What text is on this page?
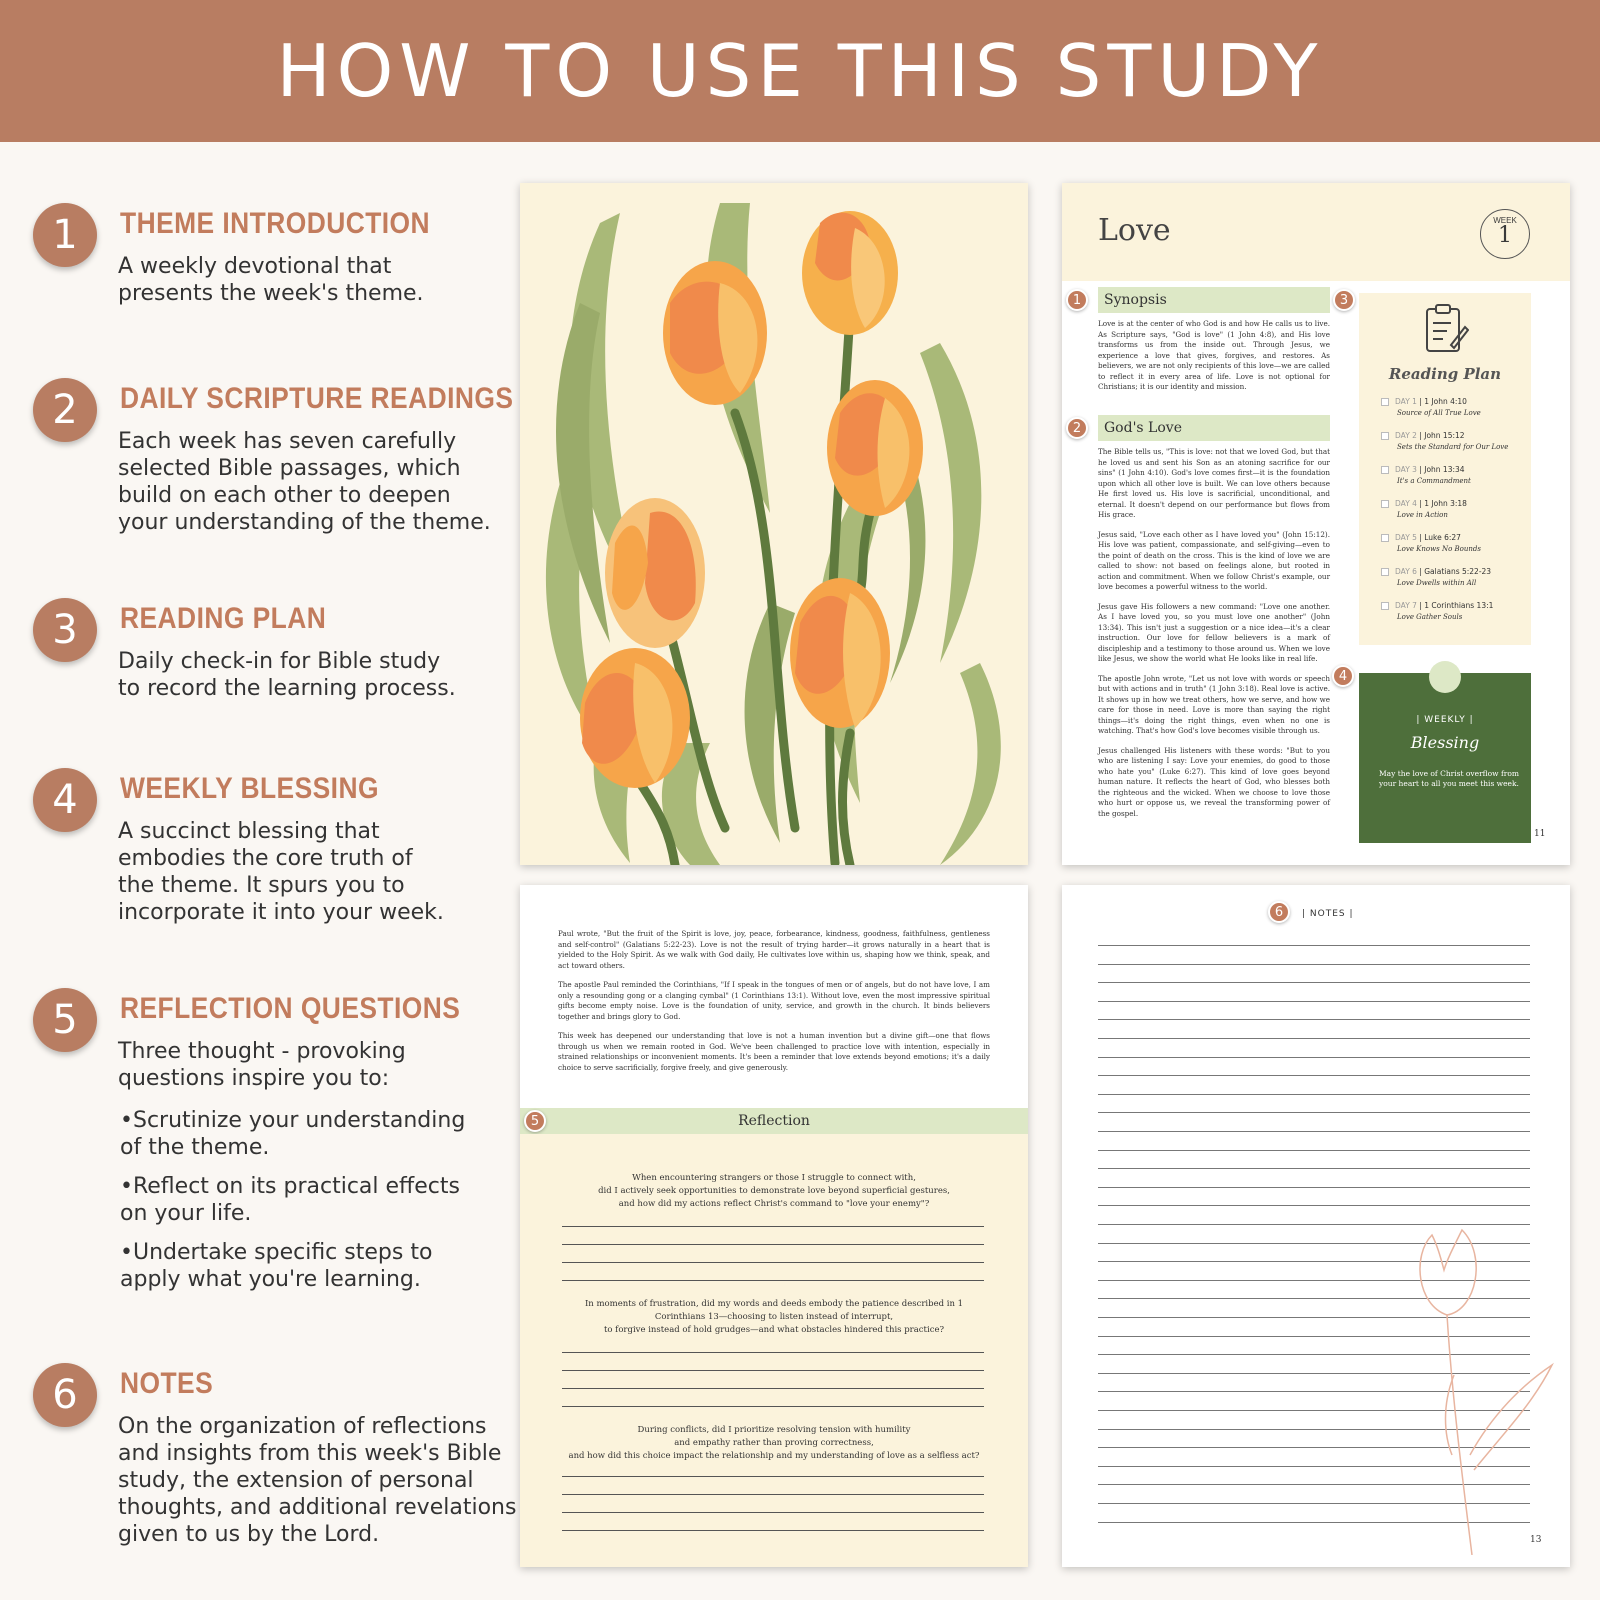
HOW TO USE THIS STUDY
1	THEME INTRODUCTION
A weekly devotional that
presents the week's theme.
2	DAILY SCRIPTURE READINGS
Each week has seven carefully
selected Bible passages, which
build on each other to deepen
your understanding of the theme.
3	READING PLAN
Daily check-in for Bible study
to record the learning process.
4	WEEKLY BLESSING
A succinct blessing that
embodies the core truth of
the theme. It spurs you to
incorporate it into your week.
5	REFLECTION QUESTIONS
Three thought - provoking
questions inspire you to:
•Scrutinize your understanding
of the theme.
•Reflect on its practical effects
on your life.
•Undertake specific steps to
apply what you're learning.
6	NOTES
On the organization of reflections
and insights from this week's Bible
study, the extension of personal
thoughts, and additional revelations
given to us by the Lord.
Love	WEEK
1
1	Synopsis
Love is at the center of who God is and how He calls us to live. As Scripture says, "God is love" (1 John 4:8), and His love transforms us from the inside out. Through Jesus, we experience a love that gives, forgives, and restores. As believers, we are not only recipients of this love—we are called to reflect it in every area of life. Love is not optional for Christians; it is our identity and mission.
2	God's Love

The Bible tells us, "This is love: not that we loved God, but that he loved us and sent his Son as an atoning sacrifice for our sins" (1 John 4:10). God's love comes first—it is the foundation upon which all other love is built. We can love others because He first loved us. His love is sacrificial, unconditional, and eternal. It doesn't depend on our performance but flows from His grace.

Jesus said, "Love each other as I have loved you" (John 15:12). His love was patient, compassionate, and self-giving—even to the point of death on the cross. This is the kind of love we are called to show: not based on feelings alone, but rooted in action and commitment. When we follow Christ's example, our love becomes a powerful witness to the world.

Jesus gave His followers a new command: "Love one another. As I have loved you, so you must love one another" (John 13:34). This isn't just a suggestion or a nice idea—it's a clear instruction. Our love for fellow believers is a mark of discipleship and a testimony to those around us. When we love like Jesus, we show the world what He looks like in real life.

The apostle John wrote, "Let us not love with words or speech but with actions and in truth" (1 John 3:18). Real love is active. It shows up in how we treat others, how we serve, and how we care for those in need. Love is more than saying the right things—it's doing the right things, even when no one is watching. That's how God's love becomes visible through us.

Jesus challenged His listeners with these words: "But to you who are listening I say: Love your enemies, do good to those who hate you" (Luke 6:27). This kind of love goes beyond human nature. It reflects the heart of God, who blesses both the righteous and the wicked. When we choose to love those who hurt or oppose us, we reveal the transforming power of the gospel.

3
Reading Plan
DAY 1 | 1 John 4:10
Source of All True Love
DAY 2 | John 15:12
Sets the Standard for Our Love
DAY 3 | John 13:34
It's a Commandment
DAY 4 | 1 John 3:18
Love in Action
DAY 5 | Luke 6:27
Love Knows No Bounds
DAY 6 | Galatians 5:22-23
Love Dwells within All
DAY 7 | 1 Corinthians 13:1
Love Gather Souls
4
| WEEKLY |
Blessing
May the love of Christ overflow from your heart to all you meet this week.
11

Paul wrote, "But the fruit of the Spirit is love, joy, peace, forbearance, kindness, goodness, faithfulness, gentleness and self-control" (Galatians 5:22-23). Love is not the result of trying harder—it grows naturally in a heart that is yielded to the Holy Spirit. As we walk with God daily, He cultivates love within us, shaping how we think, speak, and act toward others.

The apostle Paul reminded the Corinthians, "If I speak in the tongues of men or of angels, but do not have love, I am only a resounding gong or a clanging cymbal" (1 Corinthians 13:1). Without love, even the most impressive spiritual gifts become empty noise. Love is the foundation of unity, service, and growth in the church. It binds believers together and brings glory to God.

This week has deepened our understanding that love is not a human invention but a divine gift—one that flows through us when we remain rooted in God. We've been challenged to practice love with intention, especially in strained relationships or inconvenient moments. It's been a reminder that love extends beyond emotions; it's a daily choice to serve sacrificially, forgive freely, and give generously.

Reflection
5
When encountering strangers or those I struggle to connect with,
did I actively seek opportunities to demonstrate love beyond superficial gestures,
and how did my actions reflect Christ's command to "love your enemy"?
In moments of frustration, did my words and deeds embody the patience described in 1
Corinthians 13—choosing to listen instead of interrupt,
to forgive instead of hold grudges—and what obstacles hindered this practice?
During conflicts, did I prioritize resolving tension with humility
and empathy rather than proving correctness,
and how did this choice impact the relationship and my understanding of love as a selfless act?
6	| NOTES |
13
